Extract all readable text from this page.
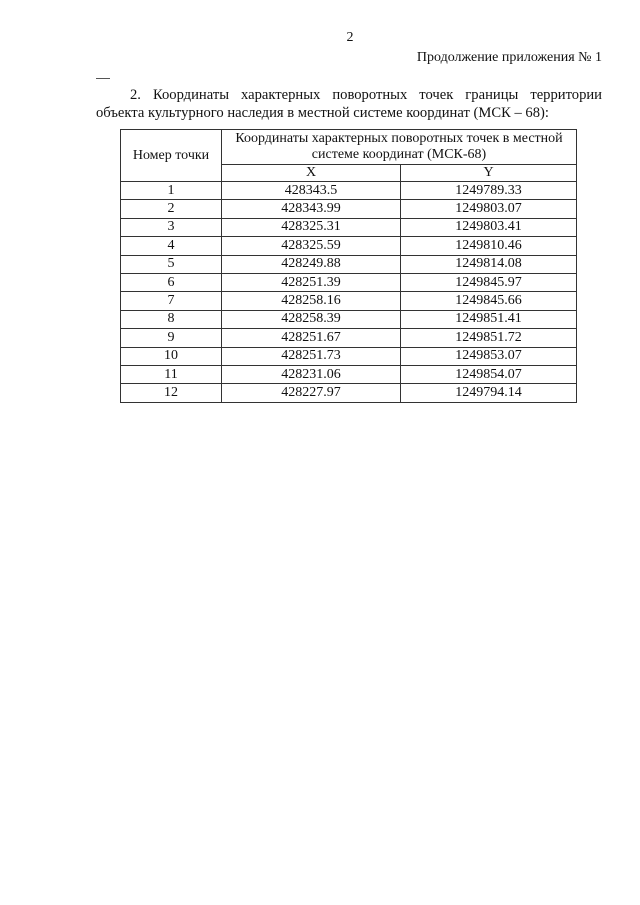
2
Продолжение приложения № 1
2. Координаты характерных поворотных точек границы территории
объекта культурного наследия в местной системе координат (МСК – 68):
Номер точки	Координаты характерных поворотных точек в местной системе координат (МСК-68)	
	X	Y
1	428343.5	1249789.33
2	428343.99	1249803.07
3	428325.31	1249803.41
4	428325.59	1249810.46
5	428249.88	1249814.08
6	428251.39	1249845.97
7	428258.16	1249845.66
8	428258.39	1249851.41
9	428251.67	1249851.72
10	428251.73	1249853.07
11	428231.06	1249854.07
12	428227.97	1249794.14
